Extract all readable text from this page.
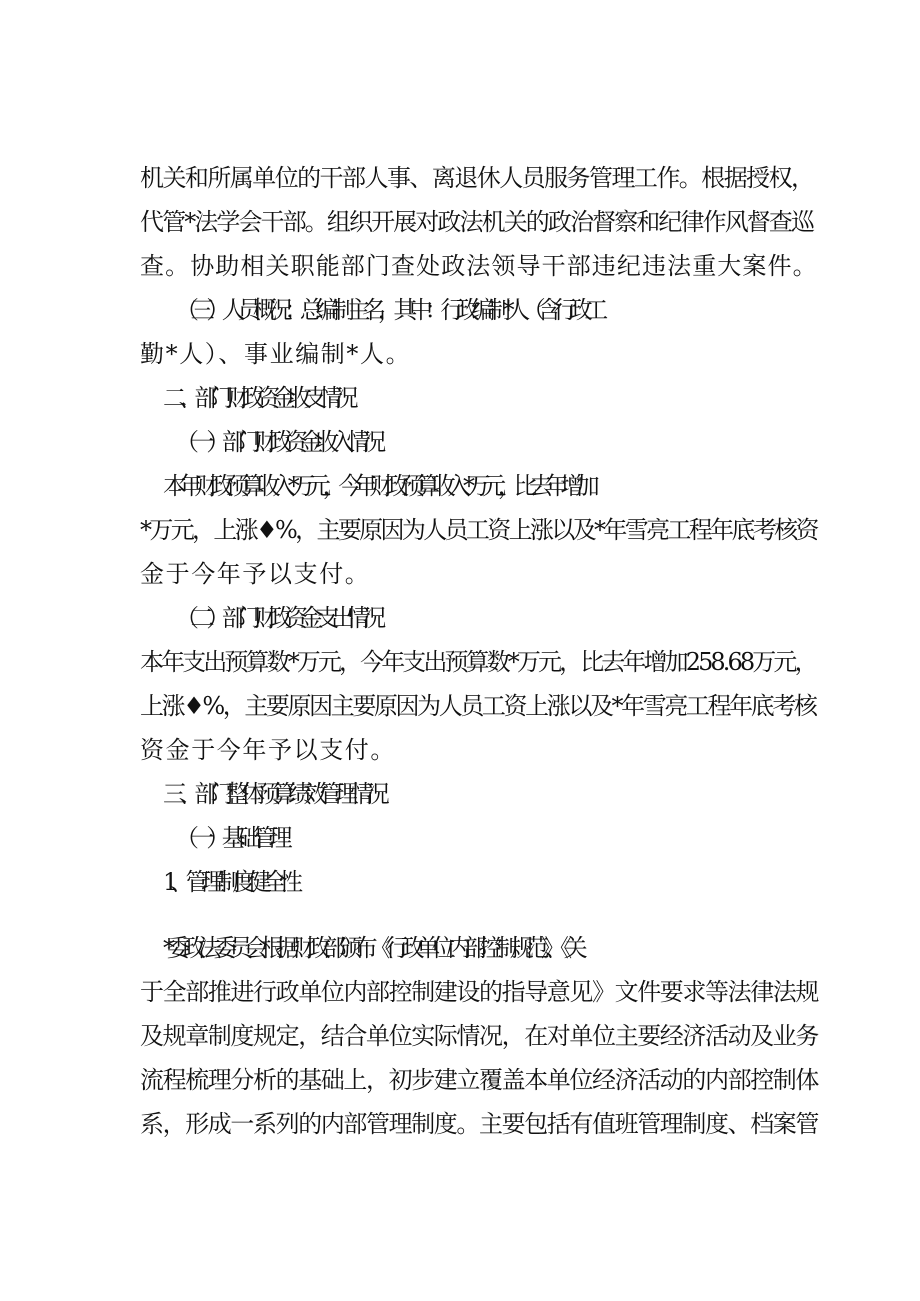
机关和所属单位的干部人事、离退休人员服务管理工作。根据授权，
代管*法学会干部。组织开展对政法机关的政治督察和纪律作风督查巡
查。协助相关职能部门查处政法领导干部违纪违法重大案件。
（三）人员概况：总编制主名，其中：行政编制*人（含行政工
勤*人）、事业编制*人。
二、部门财政资金收支情况
（一）部门财政资金收入情况
本年财政预算收入*万元，今年财政预算收入*万元，比去年增加
*万元，上涨♦%，主要原因为人员工资上涨以及*年雪亮工程年底考核资
金于今年予以支付。
（二）部门财政资金支出情况
本年支出预算数*万元，今年支出预算数*万元，比去年增加258.68万元，
上涨♦%，主要原因主要原因为人员工资上涨以及*年雪亮工程年底考核
资金于今年予以支付。
三、部门整体预算绩效管理情况
（一）基础管理
1、管理制度健全性
*委政法委员会根据财政部颁布《行政单位内部控制规范》、《关
于全部推进行政单位内部控制建设的指导意见》文件要求等法律法规
及规章制度规定，结合单位实际情况，在对单位主要经济活动及业务
流程梳理分析的基础上，初步建立覆盖本单位经济活动的内部控制体
系，形成一系列的内部管理制度。主要包括有值班管理制度、档案管
